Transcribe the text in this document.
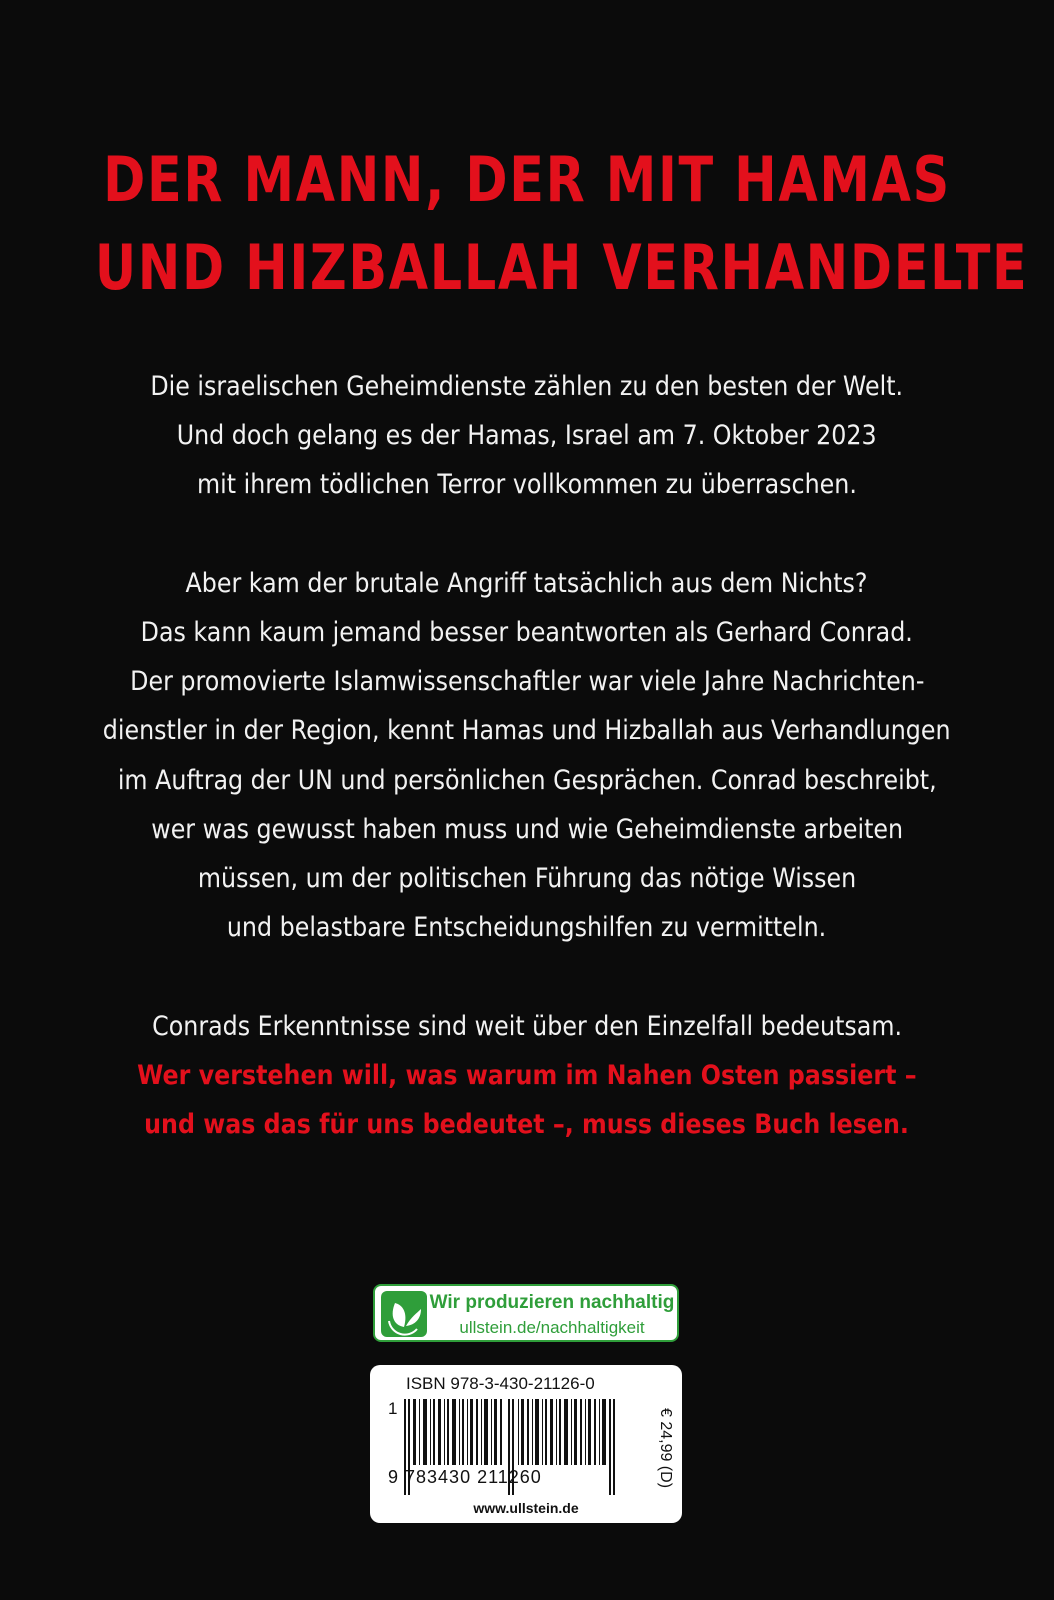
DER MANN, DER MIT HAMAS
UND HIZBALLAH VERHANDELTE
Die israelischen Geheimdienste zählen zu den besten der Welt.
Und doch gelang es der Hamas, Israel am 7. Oktober 2023
mit ihrem tödlichen Terror vollkommen zu überraschen.
Aber kam der brutale Angriff tatsächlich aus dem Nichts?
Das kann kaum jemand besser beantworten als Gerhard Conrad.
Der promovierte Islamwissenschaftler war viele Jahre Nachrichten-
dienstler in der Region, kennt Hamas und Hizballah aus Verhandlungen
im Auftrag der UN und persönlichen Gesprächen. Conrad beschreibt,
wer was gewusst haben muss und wie Geheimdienste arbeiten
müssen, um der politischen Führung das nötige Wissen
und belastbare Entscheidungshilfen zu vermitteln.
Conrads Erkenntnisse sind weit über den Einzelfall bedeutsam.
Wer verstehen will, was warum im Nahen Osten passiert –
und was das für uns bedeutet –, muss dieses Buch lesen.
Wir produzieren nachhaltig
ullstein.de/nachhaltigkeit
ISBN 978-3-430-21126-0
1
9 783430 211260	€ 24,99 (D)
www.ullstein.de
